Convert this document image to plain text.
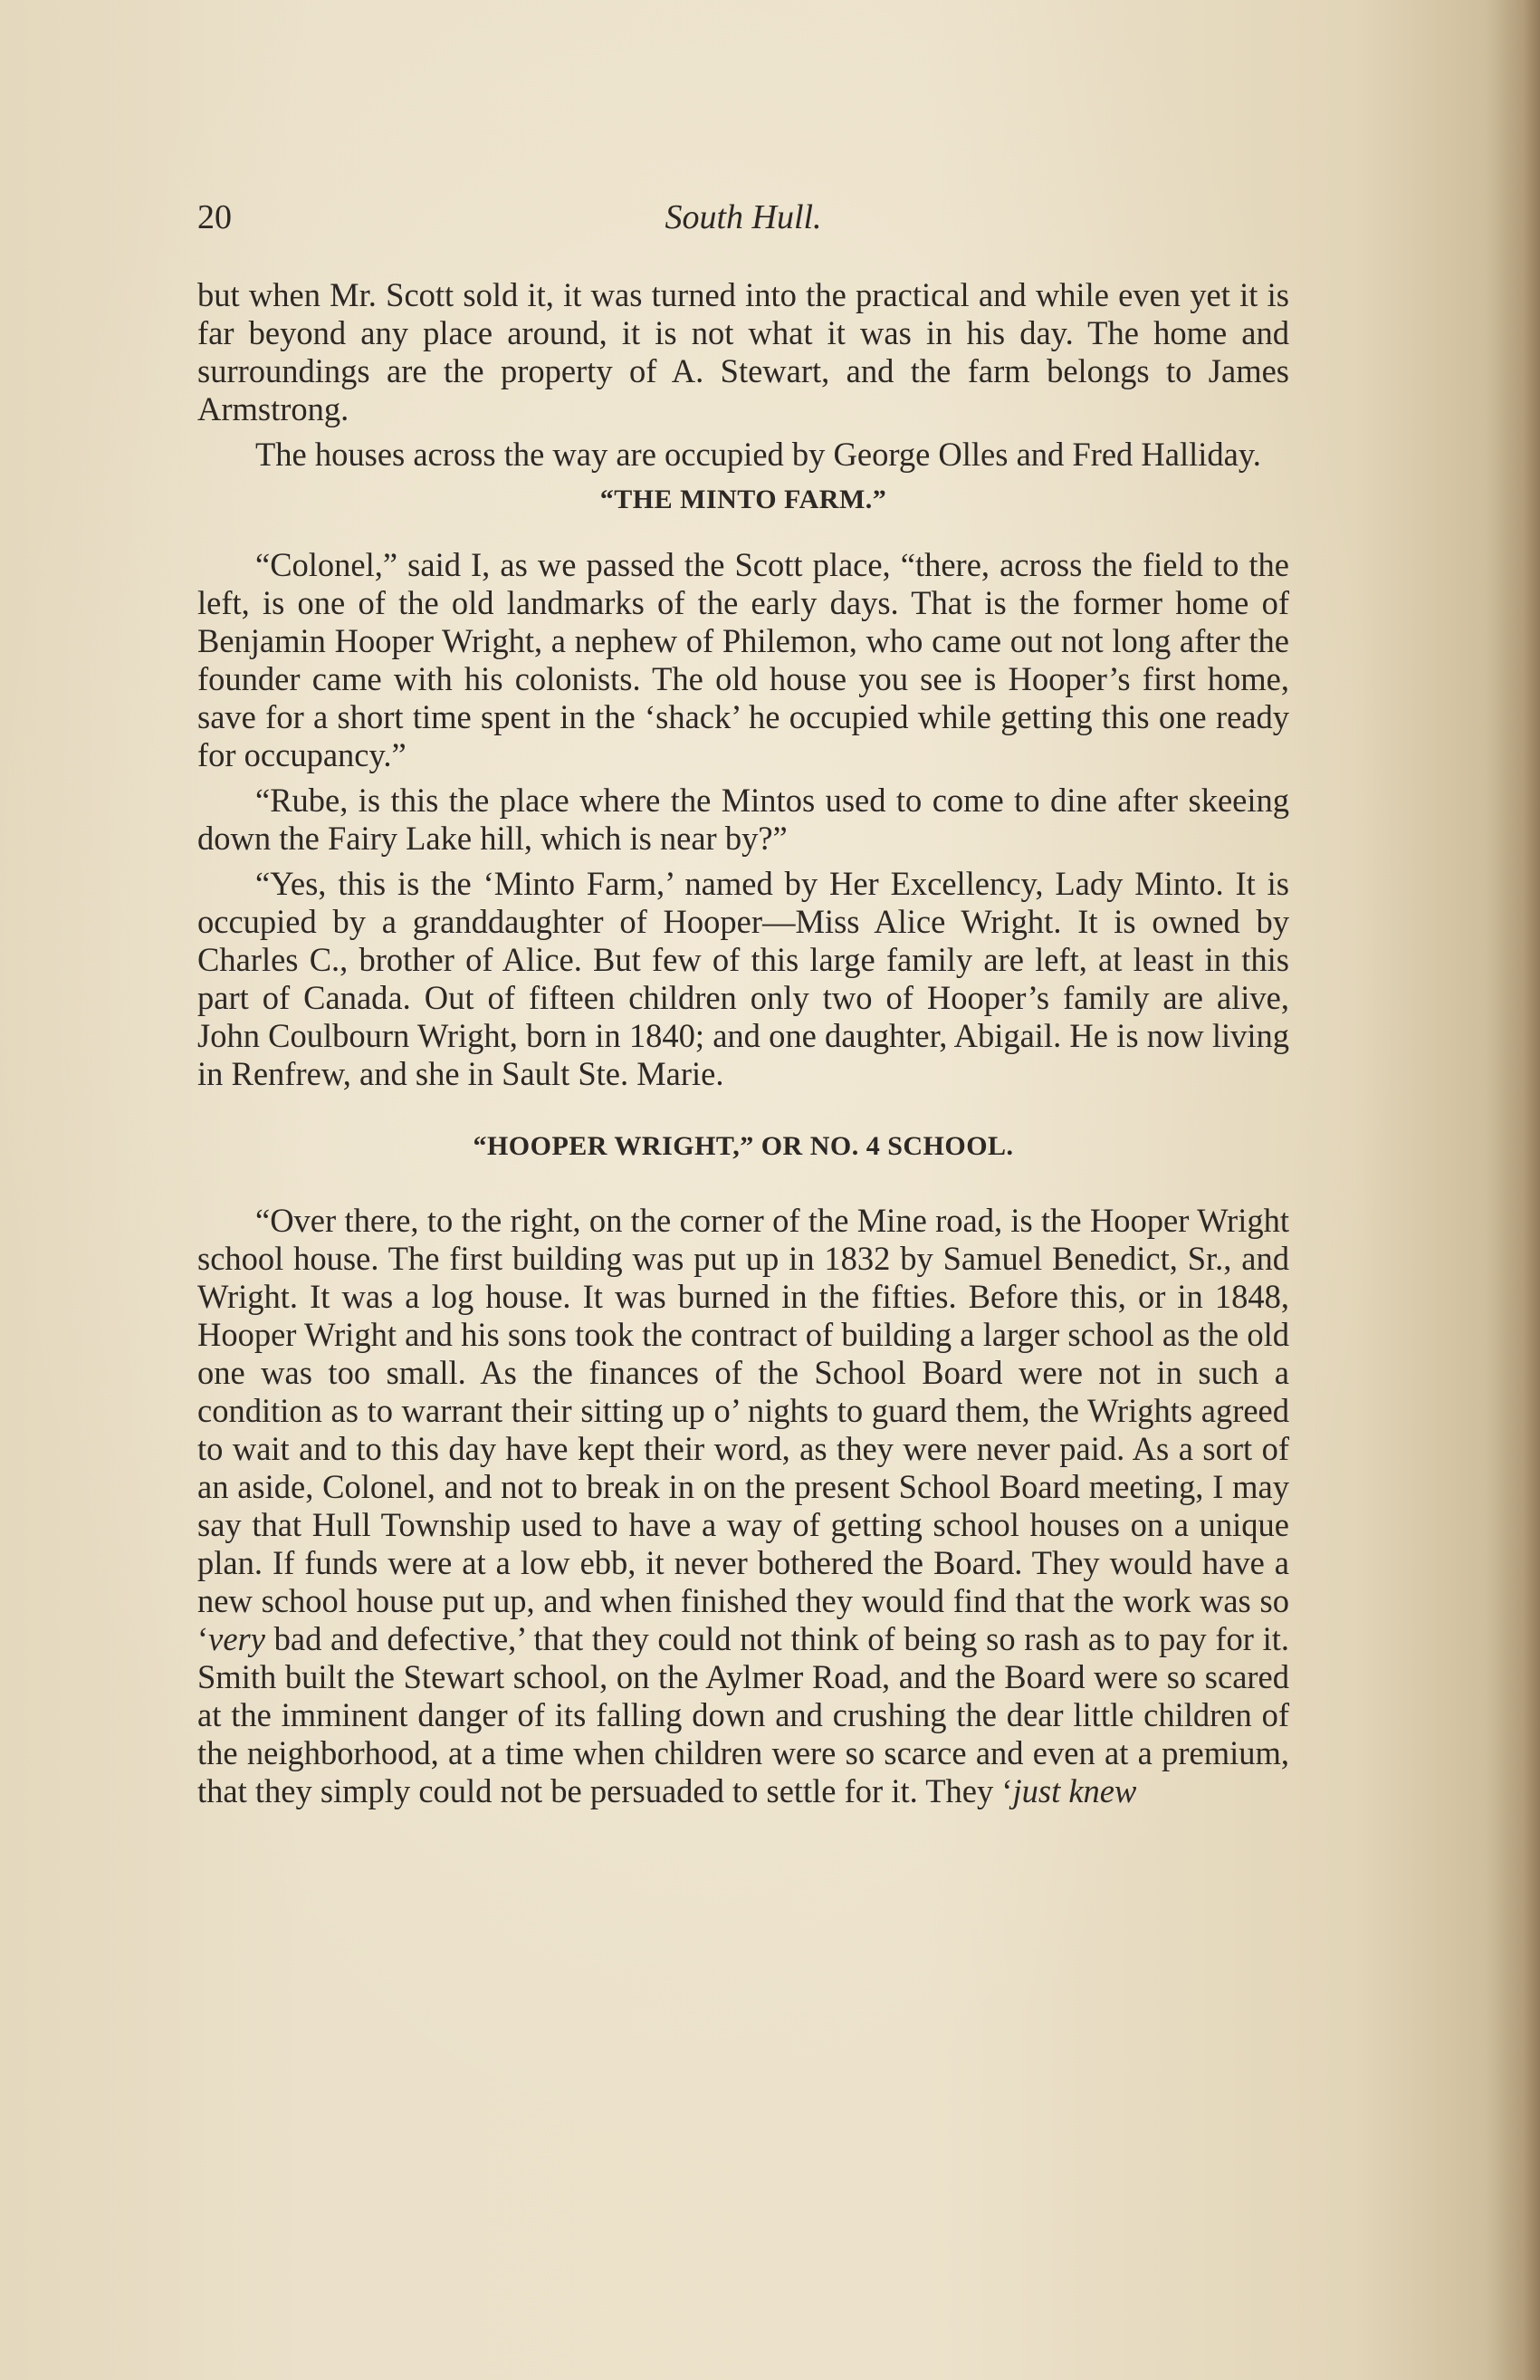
20	South Hull.

but when Mr. Scott sold it, it was turned into the practical and while even yet it is far beyond any place around, it is not what it was in his day. The home and surroundings are the property of A. Stewart, and the farm belongs to James Armstrong.

The houses across the way are occupied by George Olles and Fred Halliday.

“THE MINTO FARM.”

“Colonel,” said I, as we passed the Scott place, “there, across the field to the left, is one of the old landmarks of the early days. That is the former home of Benjamin Hooper Wright, a nephew of Philemon, who came out not long after the founder came with his colonists. The old house you see is Hooper’s first home, save for a short time spent in the ‘shack’ he occupied while getting this one ready for occupancy.”

“Rube, is this the place where the Mintos used to come to dine after skeeing down the Fairy Lake hill, which is near by?”

“Yes, this is the ‘Minto Farm,’ named by Her Excellency, Lady Minto. It is occupied by a granddaughter of Hooper—Miss Alice Wright. It is owned by Charles C., brother of Alice. But few of this large family are left, at least in this part of Canada. Out of fifteen children only two of Hooper’s family are alive, John Coulbourn Wright, born in 1840; and one daughter, Abigail. He is now living in Renfrew, and she in Sault Ste. Marie.

“HOOPER WRIGHT,” OR NO. 4 SCHOOL.

“Over there, to the right, on the corner of the Mine road, is the Hooper Wright school house. The first building was put up in 1832 by Samuel Benedict, Sr., and Wright. It was a log house. It was burned in the fifties. Before this, or in 1848, Hooper Wright and his sons took the contract of building a larger school as the old one was too small. As the finances of the School Board were not in such a condition as to warrant their sitting up o’ nights to guard them, the Wrights agreed to wait and to this day have kept their word, as they were never paid. As a sort of an aside, Colonel, and not to break in on the present School Board meeting, I may say that Hull Township used to have a way of getting school houses on a unique plan. If funds were at a low ebb, it never bothered the Board. They would have a new school house put up, and when finished they would find that the work was so ‘very bad and defective,’ that they could not think of being so rash as to pay for it. Smith built the Stewart school, on the Aylmer Road, and the Board were so scared at the imminent danger of its falling down and crushing the dear little children of the neighborhood, at a time when children were so scarce and even at a premium, that they simply could not be persuaded to settle for it. They ‘just knew
